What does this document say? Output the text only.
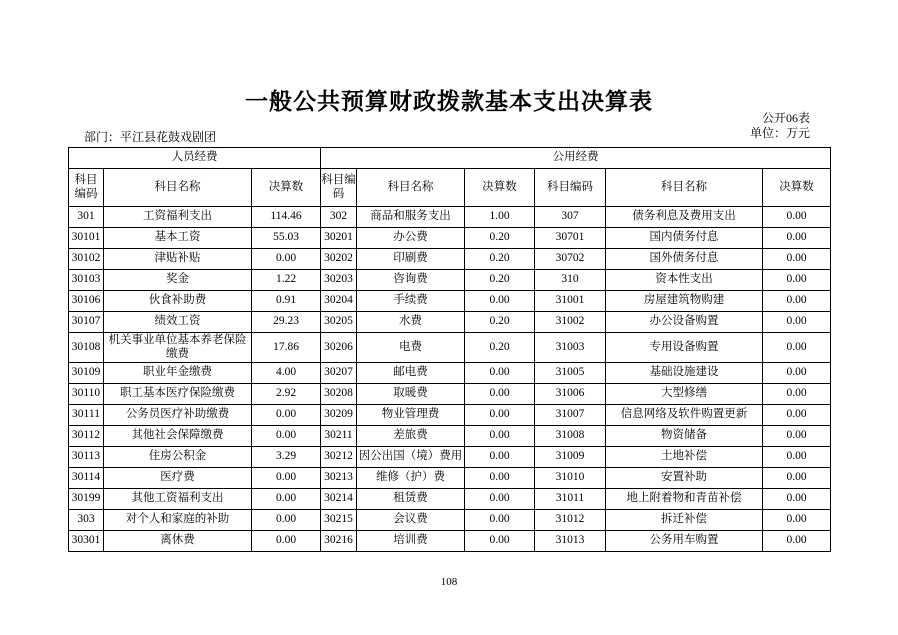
一般公共预算财政拨款基本支出决算表
公开06表
单位：万元
部门：平江县花鼓戏剧团
人员经费			公用经费					
科目编码	科目名称	决算数	科目编码	科目名称	决算数	科目编码	科目名称	决算数
301	工资福利支出	114.46	302	商品和服务支出	1.00	307	债务利息及费用支出	0.00
30101	基本工资	55.03	30201	办公费	0.20	30701	国内债务付息	0.00
30102	津贴补贴	0.00	30202	印刷费	0.20	30702	国外债务付息	0.00
30103	奖金	1.22	30203	咨询费	0.20	310	资本性支出	0.00
30106	伙食补助费	0.91	30204	手续费	0.00	31001	房屋建筑物购建	0.00
30107	绩效工资	29.23	30205	水费	0.20	31002	办公设备购置	0.00
30108	机关事业单位基本养老保险缴费	17.86	30206	电费	0.20	31003	专用设备购置	0.00
30109	职业年金缴费	4.00	30207	邮电费	0.00	31005	基础设施建设	0.00
30110	职工基本医疗保险缴费	2.92	30208	取暖费	0.00	31006	大型修缮	0.00
30111	公务员医疗补助缴费	0.00	30209	物业管理费	0.00	31007	信息网络及软件购置更新	0.00
30112	其他社会保障缴费	0.00	30211	差旅费	0.00	31008	物资储备	0.00
30113	住房公积金	3.29	30212	因公出国（境）费用	0.00	31009	土地补偿	0.00
30114	医疗费	0.00	30213	维修（护）费	0.00	31010	安置补助	0.00
30199	其他工资福利支出	0.00	30214	租赁费	0.00	31011	地上附着物和青苗补偿	0.00
303	对个人和家庭的补助	0.00	30215	会议费	0.00	31012	拆迁补偿	0.00
30301	离休费	0.00	30216	培训费	0.00	31013	公务用车购置	0.00
108
